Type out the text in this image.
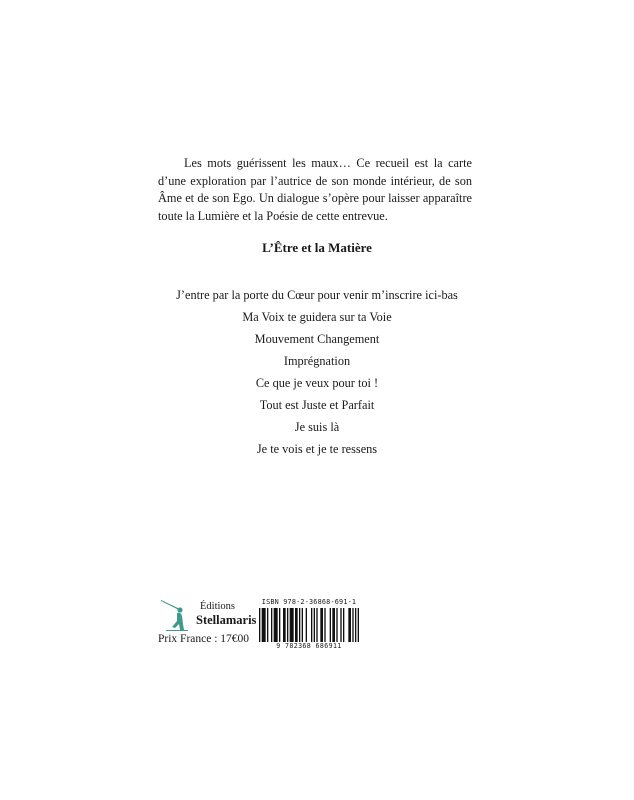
Les mots guérissent les maux… Ce recueil est la carte d’une exploration par l’autrice de son monde intérieur, de son Âme et de son Ego. Un dialogue s’opère pour laisser apparaître toute la Lumière et la Poésie de cette entrevue.

L’Être et la Matière
J’entre par la porte du Cœur pour venir m’inscrire ici-bas
Ma Voix te guidera sur ta Voie
Mouvement Changement
Imprégnation
Ce que je veux pour toi !
Tout est Juste et Parfait
Je suis là
Je te vois et je te ressens
Éditions
Stellamaris
Prix France : 17€00
ISBN 978-2-36868-691-1
9 782368 686911
